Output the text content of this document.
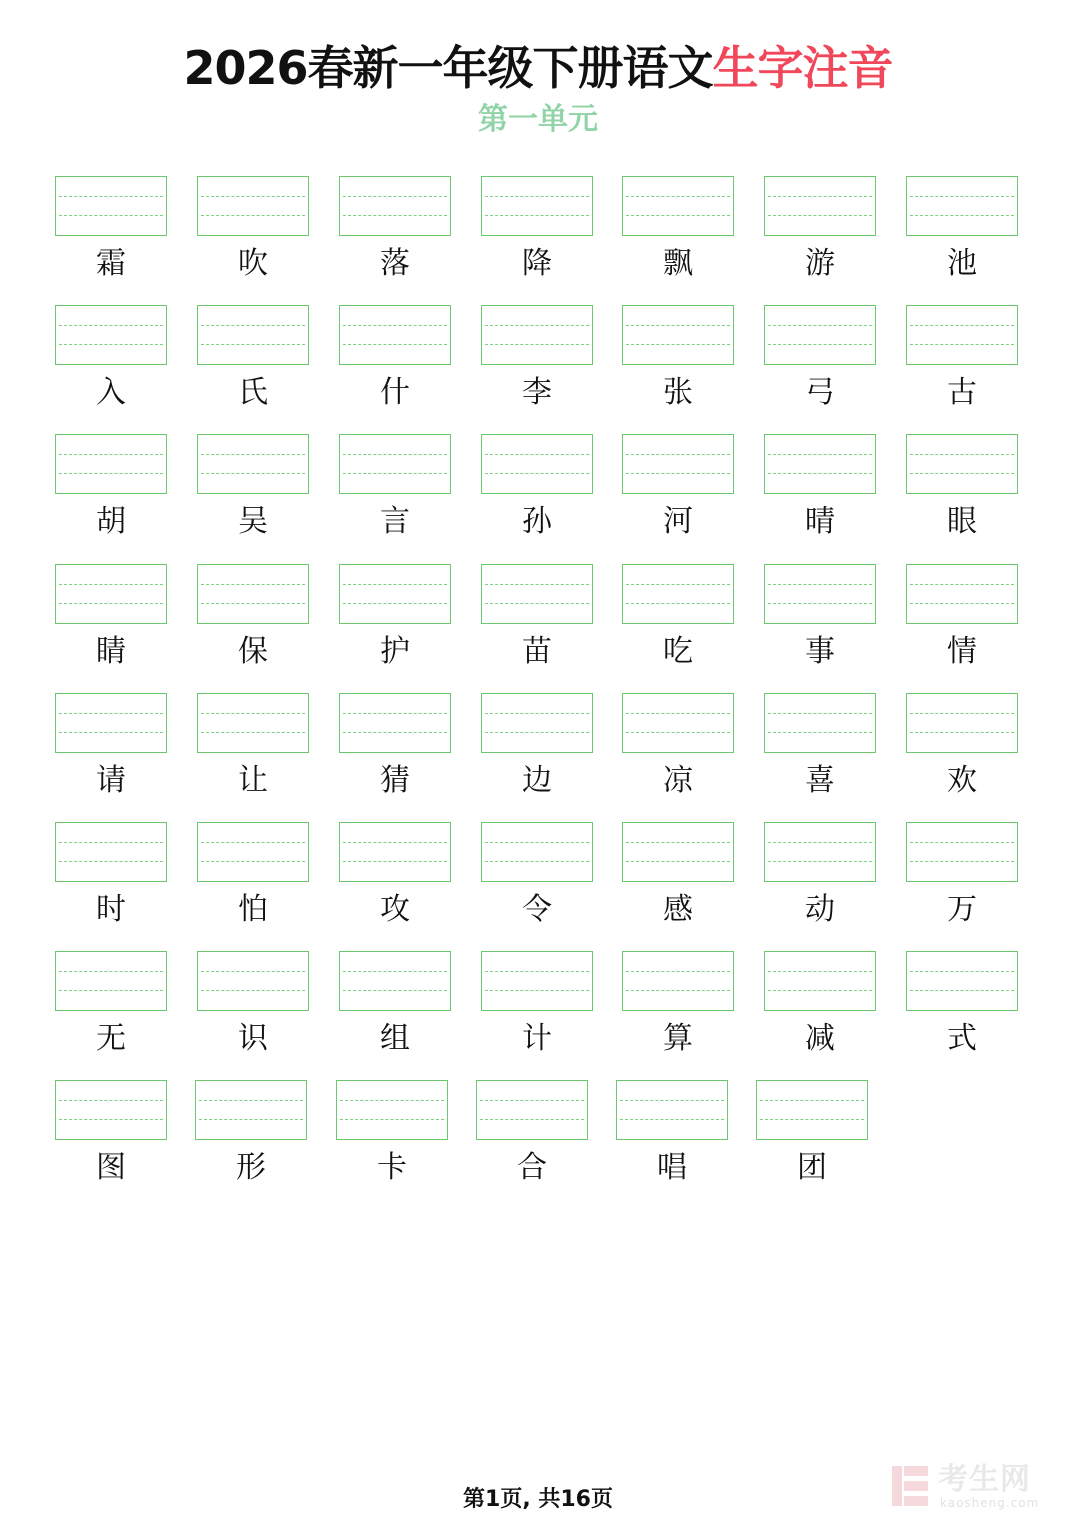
2026春新一年级下册语文生字注音
第一单元
霜	吹	落	降	飘	游	池
入	氏	什	李	张	弓	古
胡	吴	言	孙	河	晴	眼
睛	保	护	苗	吃	事	情
请	让	猜	边	凉	喜	欢
时	怕	攻	令	感	动	万
无	识	组	计	算	减	式
图	形	卡	合	唱	团
第1页, 共16页
考生网
kaosheng.com
